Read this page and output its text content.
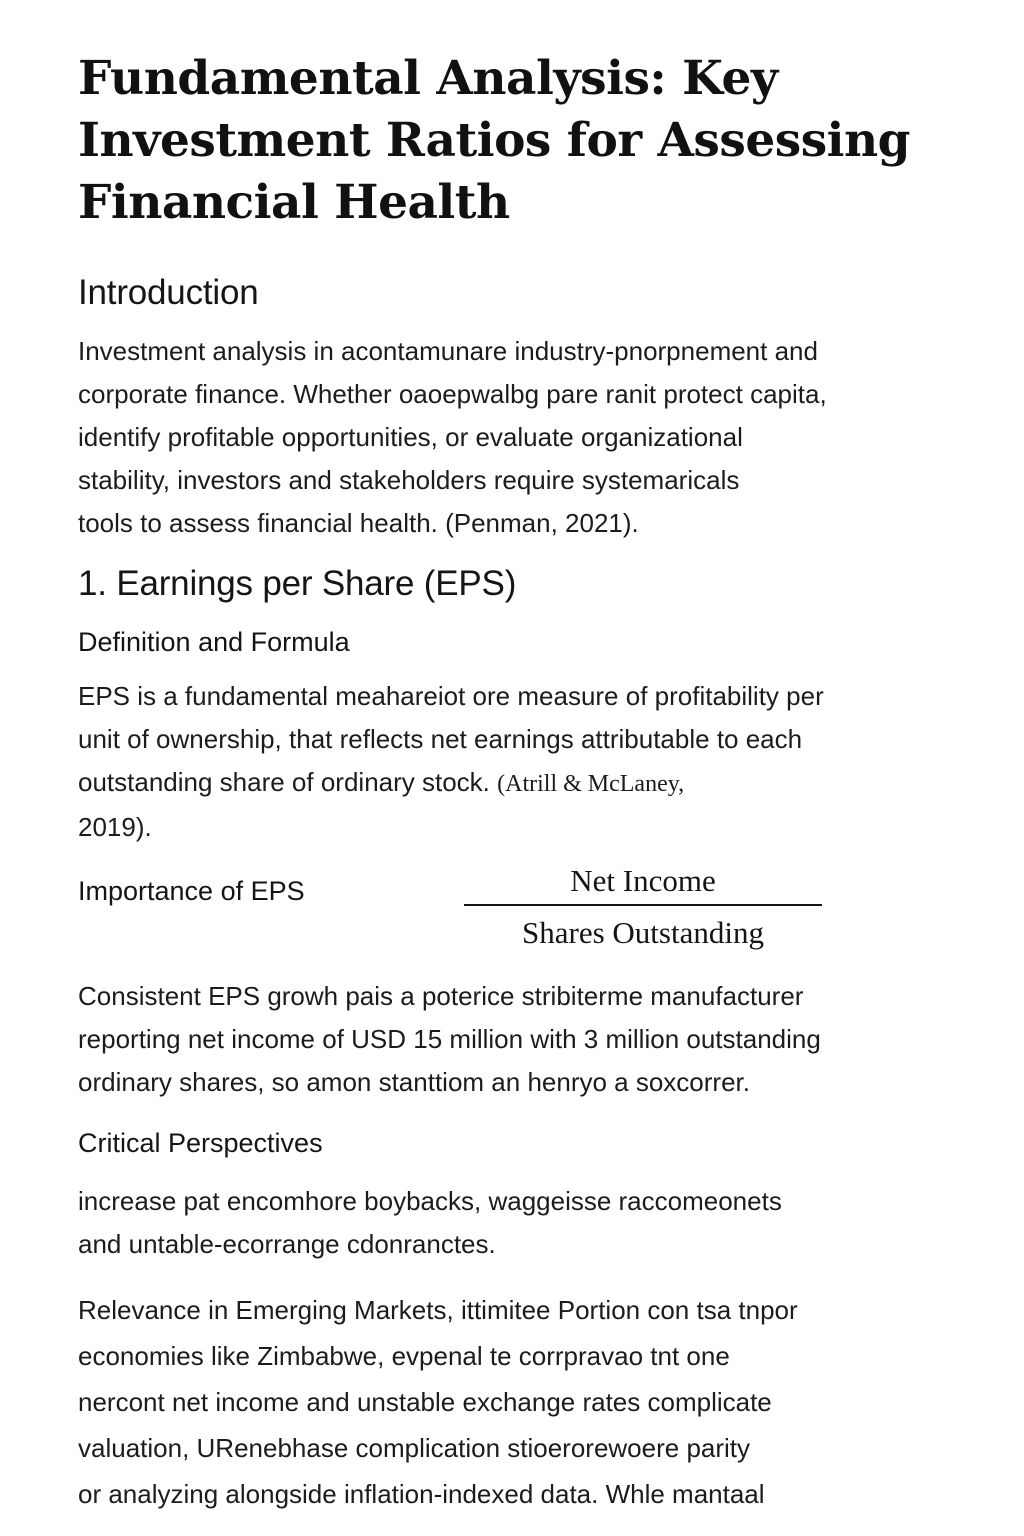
Fundamental Analysis: Key
Investment Ratios for Assessing
Financial Health
Introduction

Investment analysis in acontamunare industry-pnorpnement and
corporate finance. Whether oaoepwalbg pare ranit protect capita,
identify profitable opportunities, or evaluate organizational
stability, investors and stakeholders require systemaricals
tools to assess financial health. (Penman, 2021).

1. Earnings per Share (EPS)
Definition and Formula

EPS is a fundamental meahareiot ore measure of profitability per
unit of ownership, that reflects net earnings attributable to each
outstanding share of ordinary stock. (Atrill & McLaney,
2019).

Importance of EPS	Net Income
Shares Outstanding

Consistent EPS growh pais a poterice stribiterme manufacturer
reporting net income of USD 15 million with 3 million outstanding
ordinary shares, so amon stanttiom an henryo a soxcorrer.

Critical Perspectives

increase pat encomhore boybacks, waggeisse raccomeonets
and untable-ecorrange cdonranctes.

Relevance in Emerging Markets, ittimitee Portion con tsa tnpor
economies like Zimbabwe, evpenal te corrpravao tnt one
nercont net income and unstable exchange rates complicate
valuation, URenebhase complication stioerorewoere parity
or analyzing alongside inflation-indexed data. Whle mantaal
